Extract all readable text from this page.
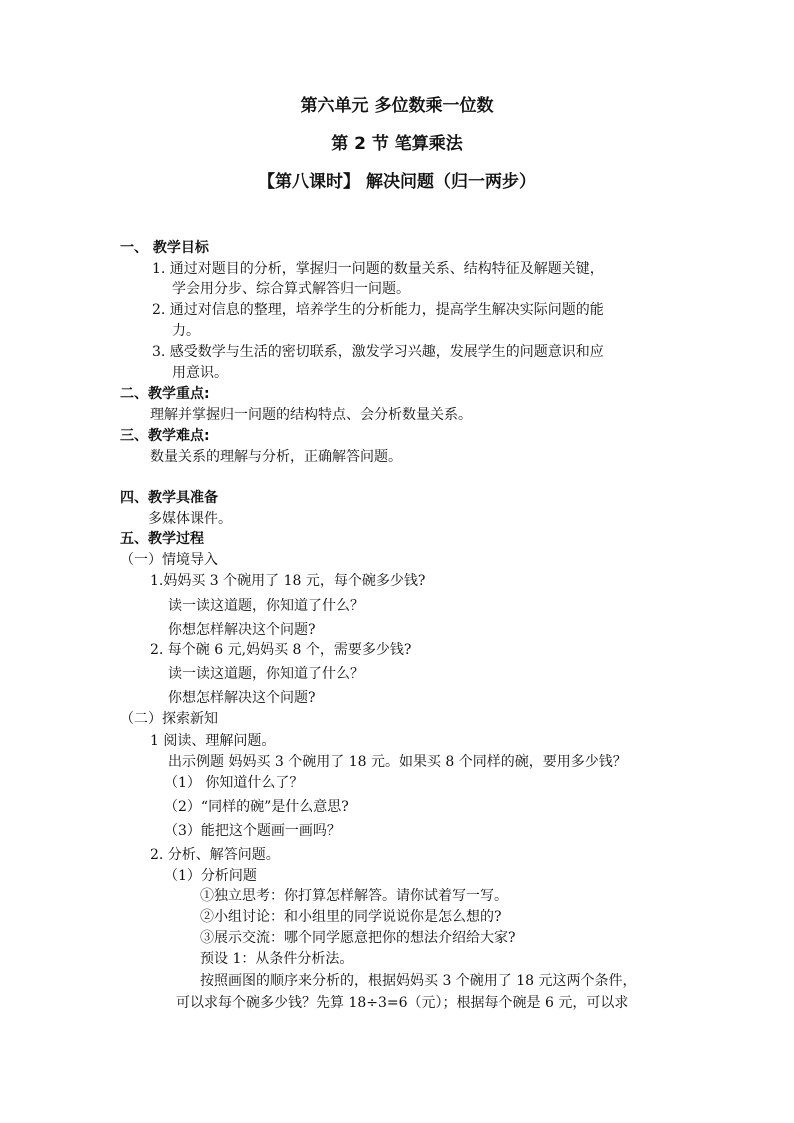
第六单元 多位数乘一位数
第 2 节 笔算乘法
【第八课时】 解决问题（归一两步）
一、 教学目标
1. 通过对题目的分析，掌握归一问题的数量关系、结构特征及解题关键，
学会用分步、综合算式解答归一问题。
2. 通过对信息的整理，培养学生的分析能力，提高学生解决实际问题的能
力。
3. 感受数学与生活的密切联系，激发学习兴趣，发展学生的问题意识和应
用意识。
二、教学重点:
理解并掌握归一问题的结构特点、会分析数量关系。
三、教学难点:
数量关系的理解与分析，正确解答问题。
四、教学具准备
多媒体课件。
五、教学过程
（一）情境导入
1.妈妈买 3 个碗用了 18 元，每个碗多少钱?
读一读这道题，你知道了什么？
你想怎样解决这个问题?
2. 每个碗 6 元,妈妈买 8 个，需要多少钱?
读一读这道题，你知道了什么？
你想怎样解决这个问题?
（二）探索新知
1 阅读、理解问题。
出示例题 妈妈买 3 个碗用了 18 元。如果买 8 个同样的碗，要用多少钱？
（1） 你知道什么了？
（2）“同样的碗”是什么意思?
（3）能把这个题画一画吗？
2. 分析、解答问题。
（1）分析问题
①独立思考：你打算怎样解答。请你试着写一写。
②小组讨论：和小组里的同学说说你是怎么想的?
③展示交流：哪个同学愿意把你的想法介绍给大家?
预设 1：从条件分析法。
按照画图的顺序来分析的，根据妈妈买 3 个碗用了 18 元这两个条件，
可以求每个碗多少钱？先算 18÷3=6（元）；根据每个碗是 6 元，可以求
